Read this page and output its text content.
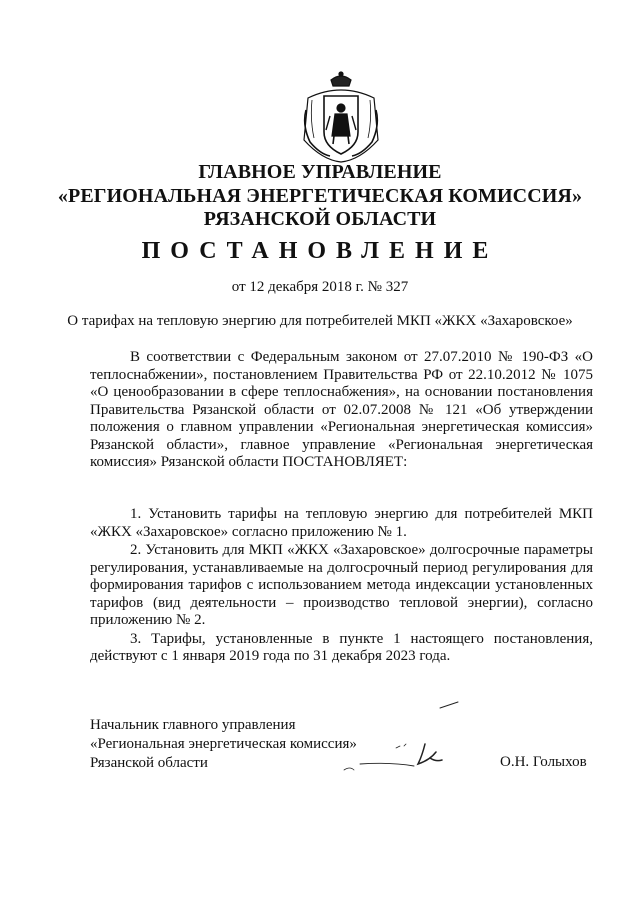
ГЛАВНОЕ УПРАВЛЕНИЕ
«РЕГИОНАЛЬНАЯ ЭНЕРГЕТИЧЕСКАЯ КОМИССИЯ»
РЯЗАНСКОЙ ОБЛАСТИ
ПОСТАНОВЛЕНИЕ
от 12 декабря 2018 г. № 327
О тарифах на тепловую энергию для потребителей МКП «ЖКХ «Захаровское»

В соответствии с Федеральным законом от 27.07.2010 № 190-ФЗ «О теплоснабжении», постановлением Правительства РФ от 22.10.2012 № 1075 «О ценообразовании в сфере теплоснабжения», на основании постановления Правительства Рязанской области от 02.07.2008 № 121 «Об утверждении положения о главном управлении «Региональная энергетическая комиссия» Рязанской области», главное управление «Региональная энергетическая комиссия» Рязанской области ПОСТАНОВЛЯЕТ:

1. Установить тарифы на тепловую энергию для потребителей МКП «ЖКХ «Захаровское» согласно приложению № 1.

2. Установить для МКП «ЖКХ «Захаровское» долгосрочные параметры регулирования, устанавливаемые на долгосрочный период регулирования для формирования тарифов с использованием метода индексации установленных тарифов (вид деятельности – производство тепловой энергии), согласно приложению № 2.

3. Тарифы, установленные в пункте 1 настоящего постановления, действуют с 1 января 2019 года по 31 декабря 2023 года.

Начальник главного управления
«Региональная энергетическая комиссия»
Рязанской области	О.Н. Голыхов
